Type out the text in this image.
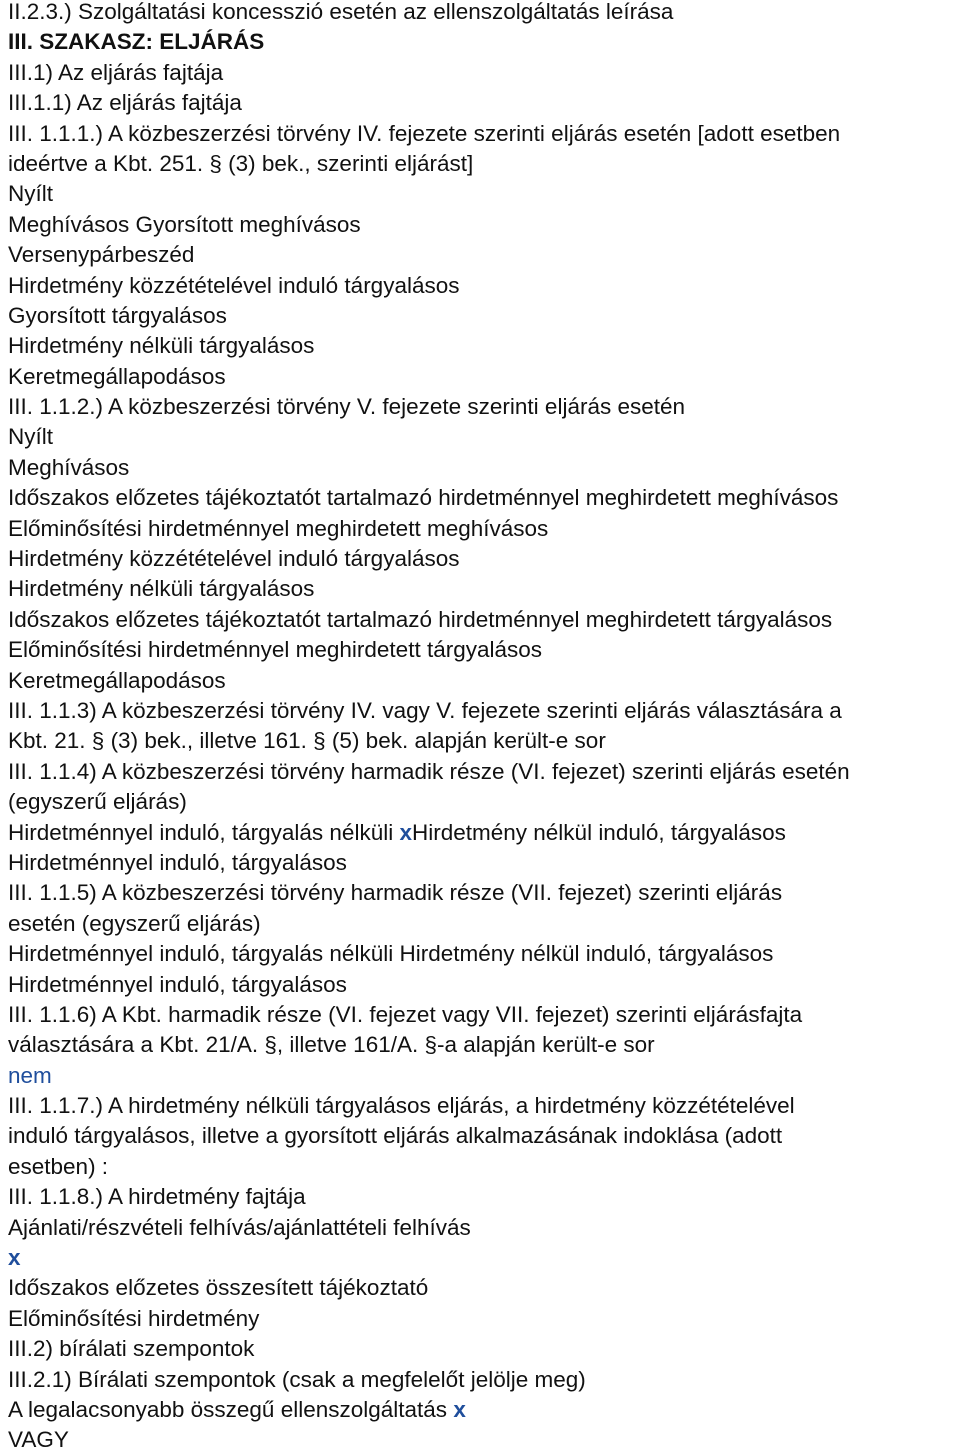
II.2.3.) Szolgáltatási koncesszió esetén az ellenszolgáltatás leírása
III. SZAKASZ: ELJÁRÁS
III.1) Az eljárás fajtája
III.1.1) Az eljárás fajtája
III. 1.1.1.) A közbeszerzési törvény IV. fejezete szerinti eljárás esetén [adott esetben
ideértve a Kbt. 251. § (3) bek., szerinti eljárást]
Nyílt
Meghívásos Gyorsított meghívásos
Versenypárbeszéd
Hirdetmény közzétételével induló tárgyalásos
Gyorsított tárgyalásos
Hirdetmény nélküli tárgyalásos
Keretmegállapodásos
III. 1.1.2.) A közbeszerzési törvény V. fejezete szerinti eljárás esetén
Nyílt
Meghívásos
Időszakos előzetes tájékoztatót tartalmazó hirdetménnyel meghirdetett meghívásos
Előminősítési hirdetménnyel meghirdetett meghívásos
Hirdetmény közzétételével induló tárgyalásos
Hirdetmény nélküli tárgyalásos
Időszakos előzetes tájékoztatót tartalmazó hirdetménnyel meghirdetett tárgyalásos
Előminősítési hirdetménnyel meghirdetett tárgyalásos
Keretmegállapodásos
III. 1.1.3) A közbeszerzési törvény IV. vagy V. fejezete szerinti eljárás választására a
Kbt. 21. § (3) bek., illetve 161. § (5) bek. alapján került-e sor
III. 1.1.4) A közbeszerzési törvény harmadik része (VI. fejezet) szerinti eljárás esetén
(egyszerű eljárás)
Hirdetménnyel induló, tárgyalás nélküli xHirdetmény nélkül induló, tárgyalásos
Hirdetménnyel induló, tárgyalásos
III. 1.1.5) A közbeszerzési törvény harmadik része (VII. fejezet) szerinti eljárás
esetén (egyszerű eljárás)
Hirdetménnyel induló, tárgyalás nélküli Hirdetmény nélkül induló, tárgyalásos
Hirdetménnyel induló, tárgyalásos
III. 1.1.6) A Kbt. harmadik része (VI. fejezet vagy VII. fejezet) szerinti eljárásfajta
választására a Kbt. 21/A. §, illetve 161/A. §-a alapján került-e sor
nem
III. 1.1.7.) A hirdetmény nélküli tárgyalásos eljárás, a hirdetmény közzétételével
induló tárgyalásos, illetve a gyorsított eljárás alkalmazásának indoklása (adott
esetben) :
III. 1.1.8.) A hirdetmény fajtája
Ajánlati/részvételi felhívás/ajánlattételi felhívás
x
Időszakos előzetes összesített tájékoztató
Előminősítési hirdetmény
III.2) bírálati szempontok
III.2.1) Bírálati szempontok (csak a megfelelőt jelölje meg)
A legalacsonyabb összegű ellenszolgáltatás x
VAGY
